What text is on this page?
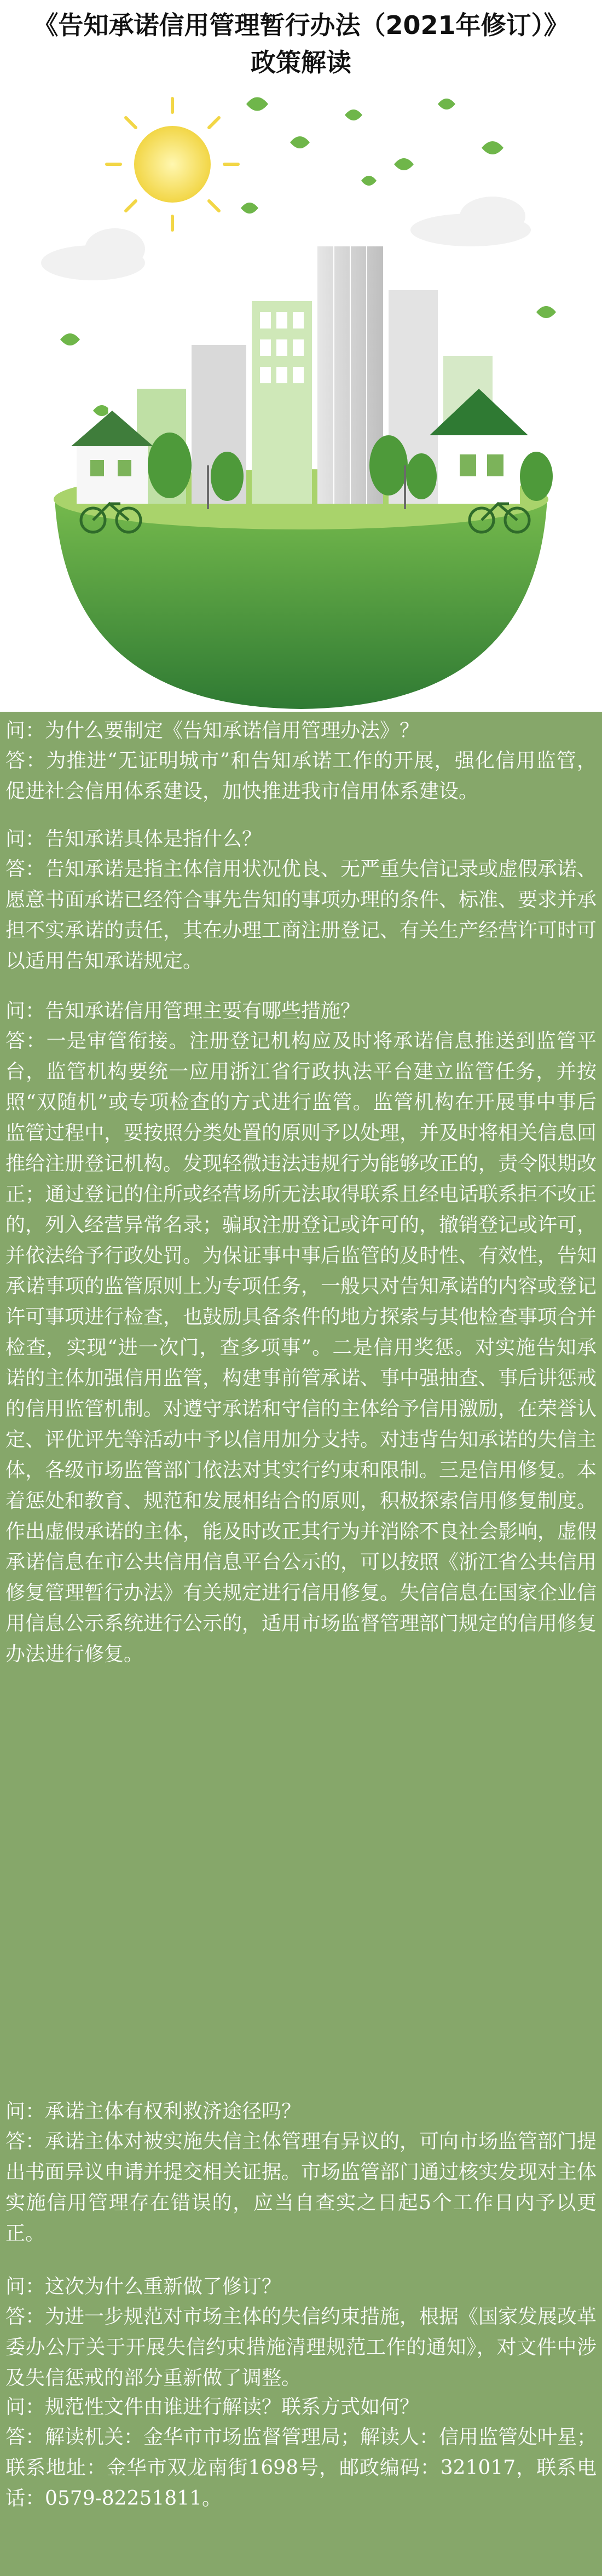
《告知承诺信用管理暂行办法（2021年修订）》
政策解读
问：为什么要制定《告知承诺信用管理办法》？
答：为推进“无证明城市”和告知承诺工作的开展，强化信用监管，促进社会信用体系建设，加快推进我市信用体系建设。
问：告知承诺具体是指什么？
答：告知承诺是指主体信用状况优良、无严重失信记录或虚假承诺、愿意书面承诺已经符合事先告知的事项办理的条件、标准、要求并承担不实承诺的责任，其在办理工商注册登记、有关生产经营许可时可以适用告知承诺规定。
问：告知承诺信用管理主要有哪些措施？
答：一是审管衔接。注册登记机构应及时将承诺信息推送到监管平台，监管机构要统一应用浙江省行政执法平台建立监管任务，并按照“双随机”或专项检查的方式进行监管。监管机构在开展事中事后监管过程中，要按照分类处置的原则予以处理，并及时将相关信息回推给注册登记机构。发现轻微违法违规行为能够改正的，责令限期改正；通过登记的住所或经营场所无法取得联系且经电话联系拒不改正的，列入经营异常名录；骗取注册登记或许可的，撤销登记或许可，并依法给予行政处罚。为保证事中事后监管的及时性、有效性，告知承诺事项的监管原则上为专项任务，一般只对告知承诺的内容或登记许可事项进行检查，也鼓励具备条件的地方探索与其他检查事项合并检查，实现“进一次门，查多项事”。二是信用奖惩。对实施告知承诺的主体加强信用监管，构建事前管承诺、事中强抽查、事后讲惩戒的信用监管机制。对遵守承诺和守信的主体给予信用激励，在荣誉认定、评优评先等活动中予以信用加分支持。对违背告知承诺的失信主体，各级市场监管部门依法对其实行约束和限制。三是信用修复。本着惩处和教育、规范和发展相结合的原则，积极探索信用修复制度。作出虚假承诺的主体，能及时改正其行为并消除不良社会影响，虚假承诺信息在市公共信用信息平台公示的，可以按照《浙江省公共信用修复管理暂行办法》有关规定进行信用修复。失信信息在国家企业信用信息公示系统进行公示的，适用市场监督管理部门规定的信用修复办法进行修复。
问：承诺主体有权利救济途径吗？
答：承诺主体对被实施失信主体管理有异议的，可向市场监管部门提出书面异议申请并提交相关证据。市场监管部门通过核实发现对主体实施信用管理存在错误的，应当自查实之日起5个工作日内予以更正。
问：这次为什么重新做了修订？
答：为进一步规范对市场主体的失信约束措施，根据《国家发展改革委办公厅关于开展失信约束措施清理规范工作的通知》，对文件中涉及失信惩戒的部分重新做了调整。
问：规范性文件由谁进行解读？联系方式如何？
答：解读机关：金华市市场监督管理局；解读人：信用监管处叶星；联系地址：金华市双龙南街1698号，邮政编码：321017，联系电话：0579-82251811。
